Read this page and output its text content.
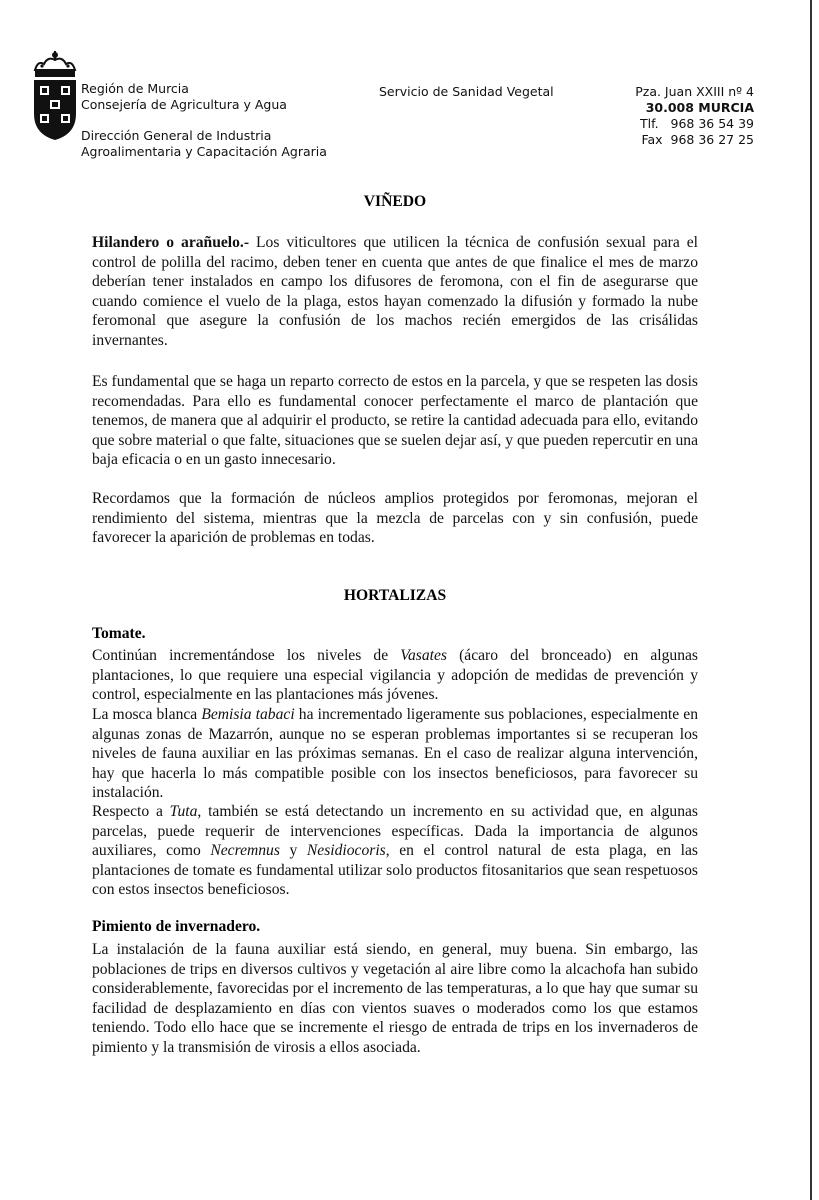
Región de Murcia
Consejería de Agricultura y Agua
Dirección General de Industria
Agroalimentaria y Capacitación Agraria
Servicio de Sanidad Vegetal	Pza. Juan XXIII nº 4
30.008 MURCIA
Tlf.   968 36 54 39
Fax  968 36 27 25
VIÑEDO

Hilandero o arañuelo.- Los viticultores que utilicen la técnica de confusión sexual para el control de polilla del racimo, deben tener en cuenta que antes de que finalice el mes de marzo deberían tener instalados en campo los difusores de feromona, con el fin de asegurarse que cuando comience el vuelo de la plaga, estos hayan comenzado la difusión y formado la nube feromonal que asegure la confusión de los machos recién emergidos de las crisálidas invernantes.

Es fundamental que se haga un reparto correcto de estos en la parcela, y que se respeten las dosis recomendadas. Para ello es fundamental conocer perfectamente el marco de plantación que tenemos, de manera que al adquirir el producto, se retire la cantidad adecuada para ello, evitando que sobre material o que falte, situaciones que se suelen dejar así, y que pueden repercutir en una baja eficacia o en un gasto innecesario.

Recordamos que la formación de núcleos amplios protegidos por feromonas, mejoran el rendimiento del sistema, mientras que la mezcla de parcelas con y sin confusión, puede favorecer la aparición de problemas en todas.

HORTALIZAS
Tomate.

Continúan incrementándose los niveles de Vasates (ácaro del bronceado) en algunas plantaciones, lo que requiere una especial vigilancia y adopción de medidas de prevención y control, especialmente en las plantaciones más jóvenes.

La mosca blanca Bemisia tabaci ha incrementado ligeramente sus poblaciones, especialmente en algunas zonas de Mazarrón, aunque no se esperan problemas importantes si se recuperan los niveles de fauna auxiliar en las próximas semanas. En el caso de realizar alguna intervención, hay que hacerla lo más compatible posible con los insectos beneficiosos, para favorecer su instalación.

Respecto a Tuta, también se está detectando un incremento en su actividad que, en algunas parcelas, puede requerir de intervenciones específicas. Dada la importancia de algunos auxiliares, como Necremnus y Nesidiocoris, en el control natural de esta plaga, en las plantaciones de tomate es fundamental utilizar solo productos fitosanitarios que sean respetuosos con estos insectos beneficiosos.

Pimiento de invernadero.

La instalación de la fauna auxiliar está siendo, en general, muy buena. Sin embargo, las poblaciones de trips en diversos cultivos y vegetación al aire libre como la alcachofa han subido considerablemente, favorecidas por el incremento de las temperaturas, a lo que hay que sumar su facilidad de desplazamiento en días con vientos suaves o moderados como los que estamos teniendo. Todo ello hace que se incremente el riesgo de entrada de trips en los invernaderos de pimiento y la transmisión de virosis a ellos asociada.
